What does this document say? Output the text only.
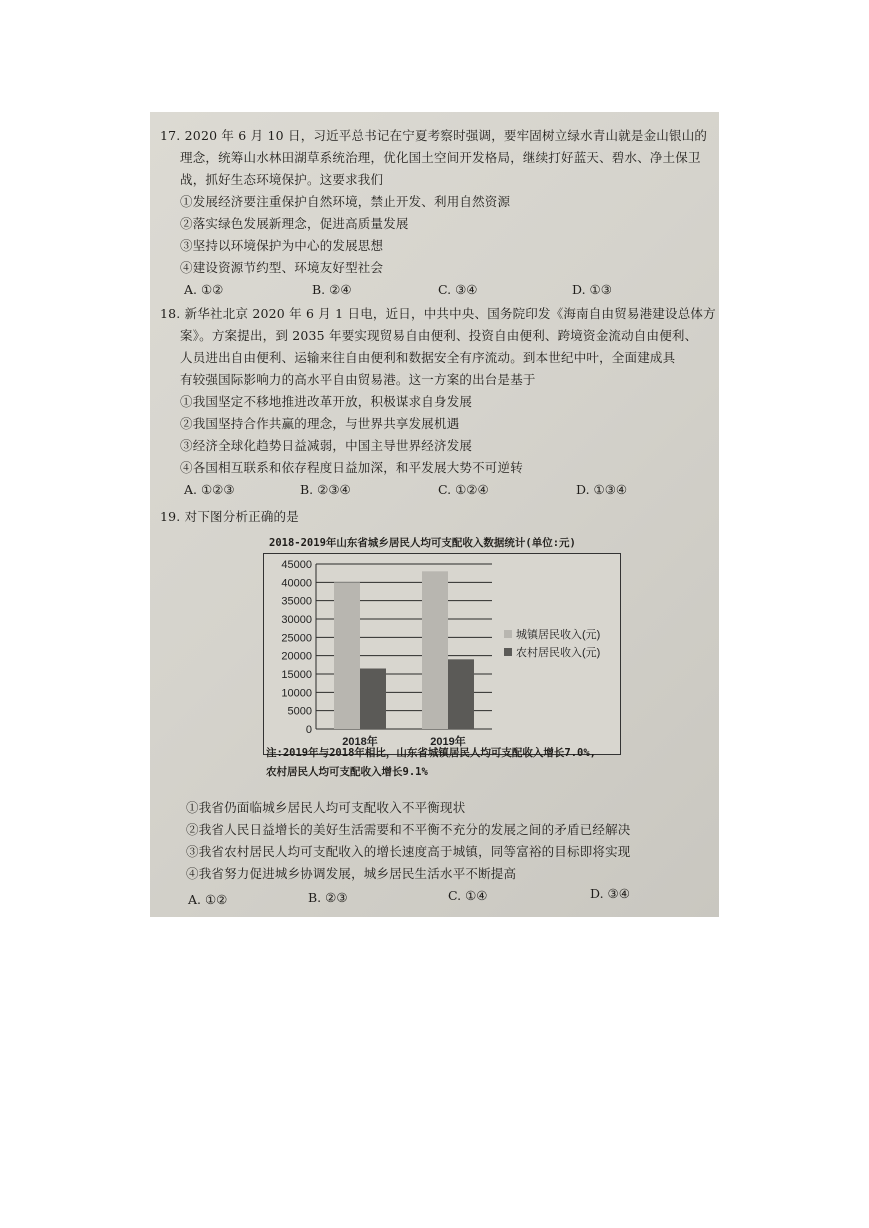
17. 2020 年 6 月 10 日，习近平总书记在宁夏考察时强调，要牢固树立绿水青山就是金山银山的
理念，统筹山水林田湖草系统治理，优化国土空间开发格局，继续打好蓝天、碧水、净土保卫
战，抓好生态环境保护。这要求我们
①发展经济要注重保护自然环境，禁止开发、利用自然资源
②落实绿色发展新理念，促进高质量发展
③坚持以环境保护为中心的发展思想
④建设资源节约型、环境友好型社会
A. ①②	B. ②④	C. ③④	D. ①③
18. 新华社北京 2020 年 6 月 1 日电，近日，中共中央、国务院印发《海南自由贸易港建设总体方
案》。方案提出，到 2035 年要实现贸易自由便利、投资自由便利、跨境资金流动自由便利、
人员进出自由便利、运输来往自由便利和数据安全有序流动。到本世纪中叶，全面建成具
有较强国际影响力的高水平自由贸易港。这一方案的出台是基于
①我国坚定不移地推进改革开放，积极谋求自身发展
②我国坚持合作共赢的理念，与世界共享发展机遇
③经济全球化趋势日益减弱，中国主导世界经济发展
④各国相互联系和依存程度日益加深，和平发展大势不可逆转
A. ①②③	B. ②③④	C. ①②④	D. ①③④
19. 对下图分析正确的是
2018-2019年山东省城乡居民人均可支配收入数据统计(单位:元)
0
5000
10000
15000
20000
25000
30000
35000
40000
45000
2018年	2019年
城镇居民收入(元)
农村居民收入(元)
注:2019年与2018年相比，山东省城镇居民人均可支配收入增长7.0%,
农村居民人均可支配收入增长9.1%
①我省仍面临城乡居民人均可支配收入不平衡现状
②我省人民日益增长的美好生活需要和不平衡不充分的发展之间的矛盾已经解决
③我省农村居民人均可支配收入的增长速度高于城镇，同等富裕的目标即将实现
④我省努力促进城乡协调发展，城乡居民生活水平不断提高
A. ①②	B. ②③	C. ①④	D. ③④
